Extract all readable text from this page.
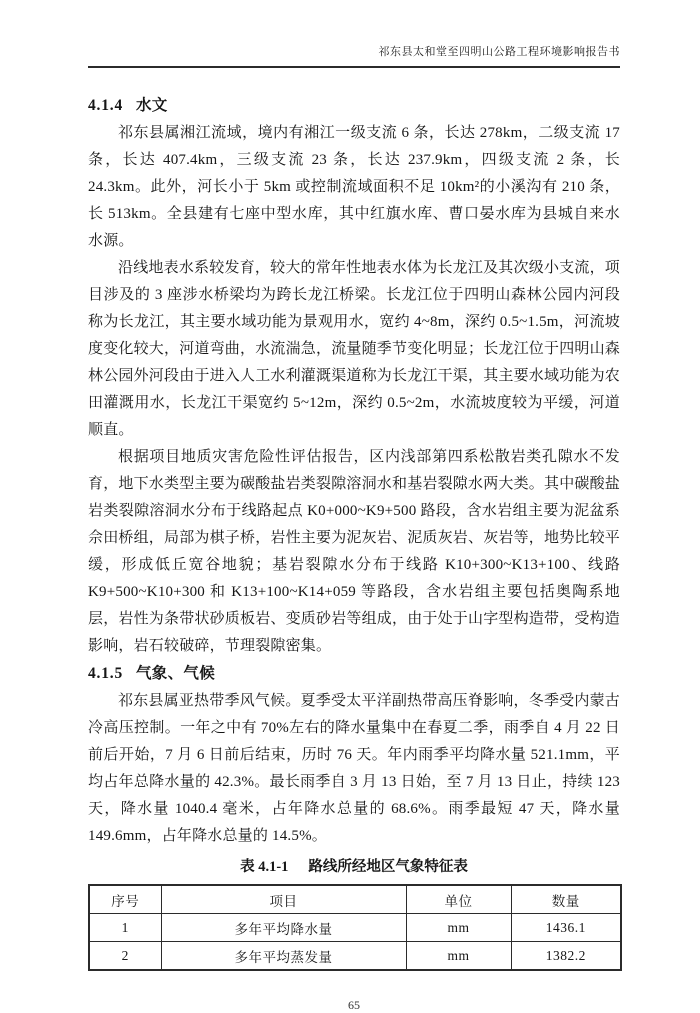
祁东县太和堂至四明山公路工程环境影响报告书
4.1.4 水文

祁东县属湘江流域，境内有湘江一级支流 6 条，长达 278km，二级支流 17 条，长达 407.4km，三级支流 23 条，长达 237.9km，四级支流 2 条，长 24.3km。此外，河长小于 5km 或控制流域面积不足 10km²的小溪沟有 210 条，长 513km。全县建有七座中型水库，其中红旗水库、曹口晏水库为县城自来水水源。

沿线地表水系较发育，较大的常年性地表水体为长龙江及其次级小支流，项目涉及的 3 座涉水桥梁均为跨长龙江桥梁。长龙江位于四明山森林公园内河段称为长龙江，其主要水域功能为景观用水，宽约 4~8m，深约 0.5~1.5m，河流坡度变化较大，河道弯曲，水流湍急，流量随季节变化明显；长龙江位于四明山森林公园外河段由于进入人工水利灌溉渠道称为长龙江干渠，其主要水域功能为农田灌溉用水，长龙江干渠宽约 5~12m，深约 0.5~2m，水流坡度较为平缓，河道顺直。

根据项目地质灾害危险性评估报告，区内浅部第四系松散岩类孔隙水不发育，地下水类型主要为碳酸盐岩类裂隙溶洞水和基岩裂隙水两大类。其中碳酸盐岩类裂隙溶洞水分布于线路起点 K0+000~K9+500 路段，含水岩组主要为泥盆系佘田桥组，局部为棋子桥，岩性主要为泥灰岩、泥质灰岩、灰岩等，地势比较平缓，形成低丘宽谷地貌；基岩裂隙水分布于线路 K10+300~K13+100、线路 K9+500~K10+300 和 K13+100~K14+059 等路段，含水岩组主要包括奥陶系地层，岩性为条带状砂质板岩、变质砂岩等组成，由于处于山字型构造带，受构造影响，岩石较破碎，节理裂隙密集。

4.1.5 气象、气候

祁东县属亚热带季风气候。夏季受太平洋副热带高压脊影响，冬季受内蒙古冷高压控制。一年之中有 70%左右的降水量集中在春夏二季，雨季自 4 月 22 日前后开始，7 月 6 日前后结束，历时 76 天。年内雨季平均降水量 521.1mm，平均占年总降水量的 42.3%。最长雨季自 3 月 13 日始，至 7 月 13 日止，持续 123 天，降水量 1040.4 毫米，占年降水总量的 68.6%。雨季最短 47 天，降水量 149.6mm，占年降水总量的 14.5%。

表 4.1-1 路线所经地区气象特征表
序号	项目	单位	数量
1	多年平均降水量	mm	1436.1
2	多年平均蒸发量	mm	1382.2
65
